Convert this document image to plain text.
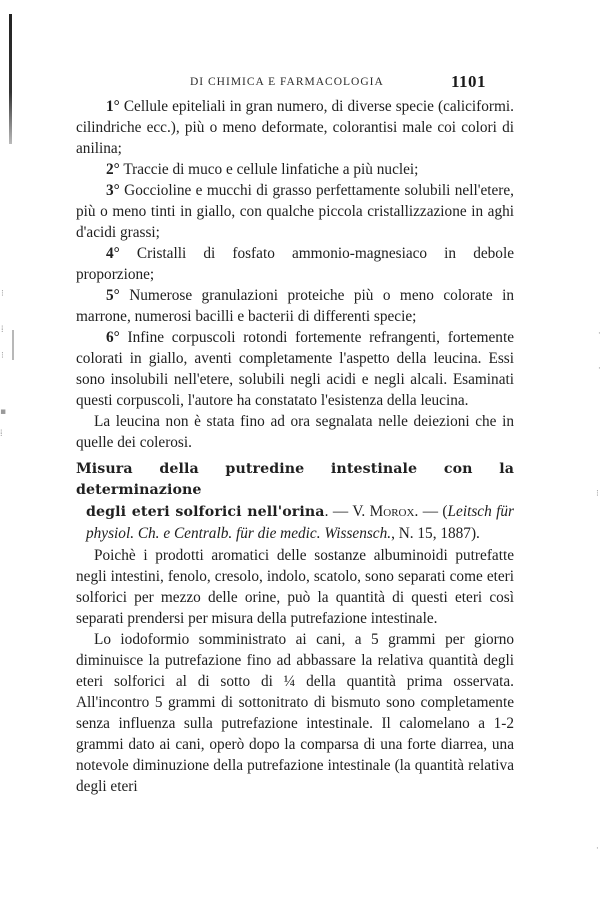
⁝
⁞
⁝
▪
⁞
·
·
⁝
·
DI CHIMICA E FARMACOLOGIA	1101

1° Cellule epiteliali in gran numero, di diverse specie (caliciformi. cilindriche ecc.), più o meno deformate, colorantisi male coi colori di anilina;

2° Traccie di muco e cellule linfatiche a più nuclei;

3° Goccioline e mucchi di grasso perfettamente solubili nell'etere, più o meno tinti in giallo, con qualche piccola cristallizzazione in aghi d'acidi grassi;

4° Cristalli di fosfato ammonio-magnesiaco in debole proporzione;

5° Numerose granulazioni proteiche più o meno colorate in marrone, numerosi bacilli e bacterii di differenti specie;

6° Infine corpuscoli rotondi fortemente refrangenti, fortemente colorati in giallo, aventi completamente l'aspetto della leucina. Essi sono insolubili nell'etere, solubili negli acidi e negli alcali. Esaminati questi corpuscoli, l'autore ha constatato l'esistenza della leucina.

La leucina non è stata fino ad ora segnalata nelle deiezioni che in quelle dei colerosi.

Misura della putredine intestinale con la determinazione
degli eteri solforici nell'orina. — V. Morox. — (Leitsch für physiol. Ch. e Centralb. für die medic. Wissensch., N. 15, 1887).

Poichè i prodotti aromatici delle sostanze albuminoidi putrefatte negli intestini, fenolo, cresolo, indolo, scatolo, sono separati come eteri solforici per mezzo delle orine, può la quantità di questi eteri così separati prendersi per misura della putrefazione intestinale.

Lo iodoformio somministrato ai cani, a 5 grammi per giorno diminuisce la putrefazione fino ad abbassare la relativa quantità degli eteri solforici al di sotto di ¼ della quantità prima osservata. All'incontro 5 grammi di sottonitrato di bismuto sono completamente senza influenza sulla putrefazione intestinale. Il calomelano a 1-2 grammi dato ai cani, operò dopo la comparsa di una forte diarrea, una notevole diminuzione della putrefazione intestinale (la quantità relativa degli eteri
